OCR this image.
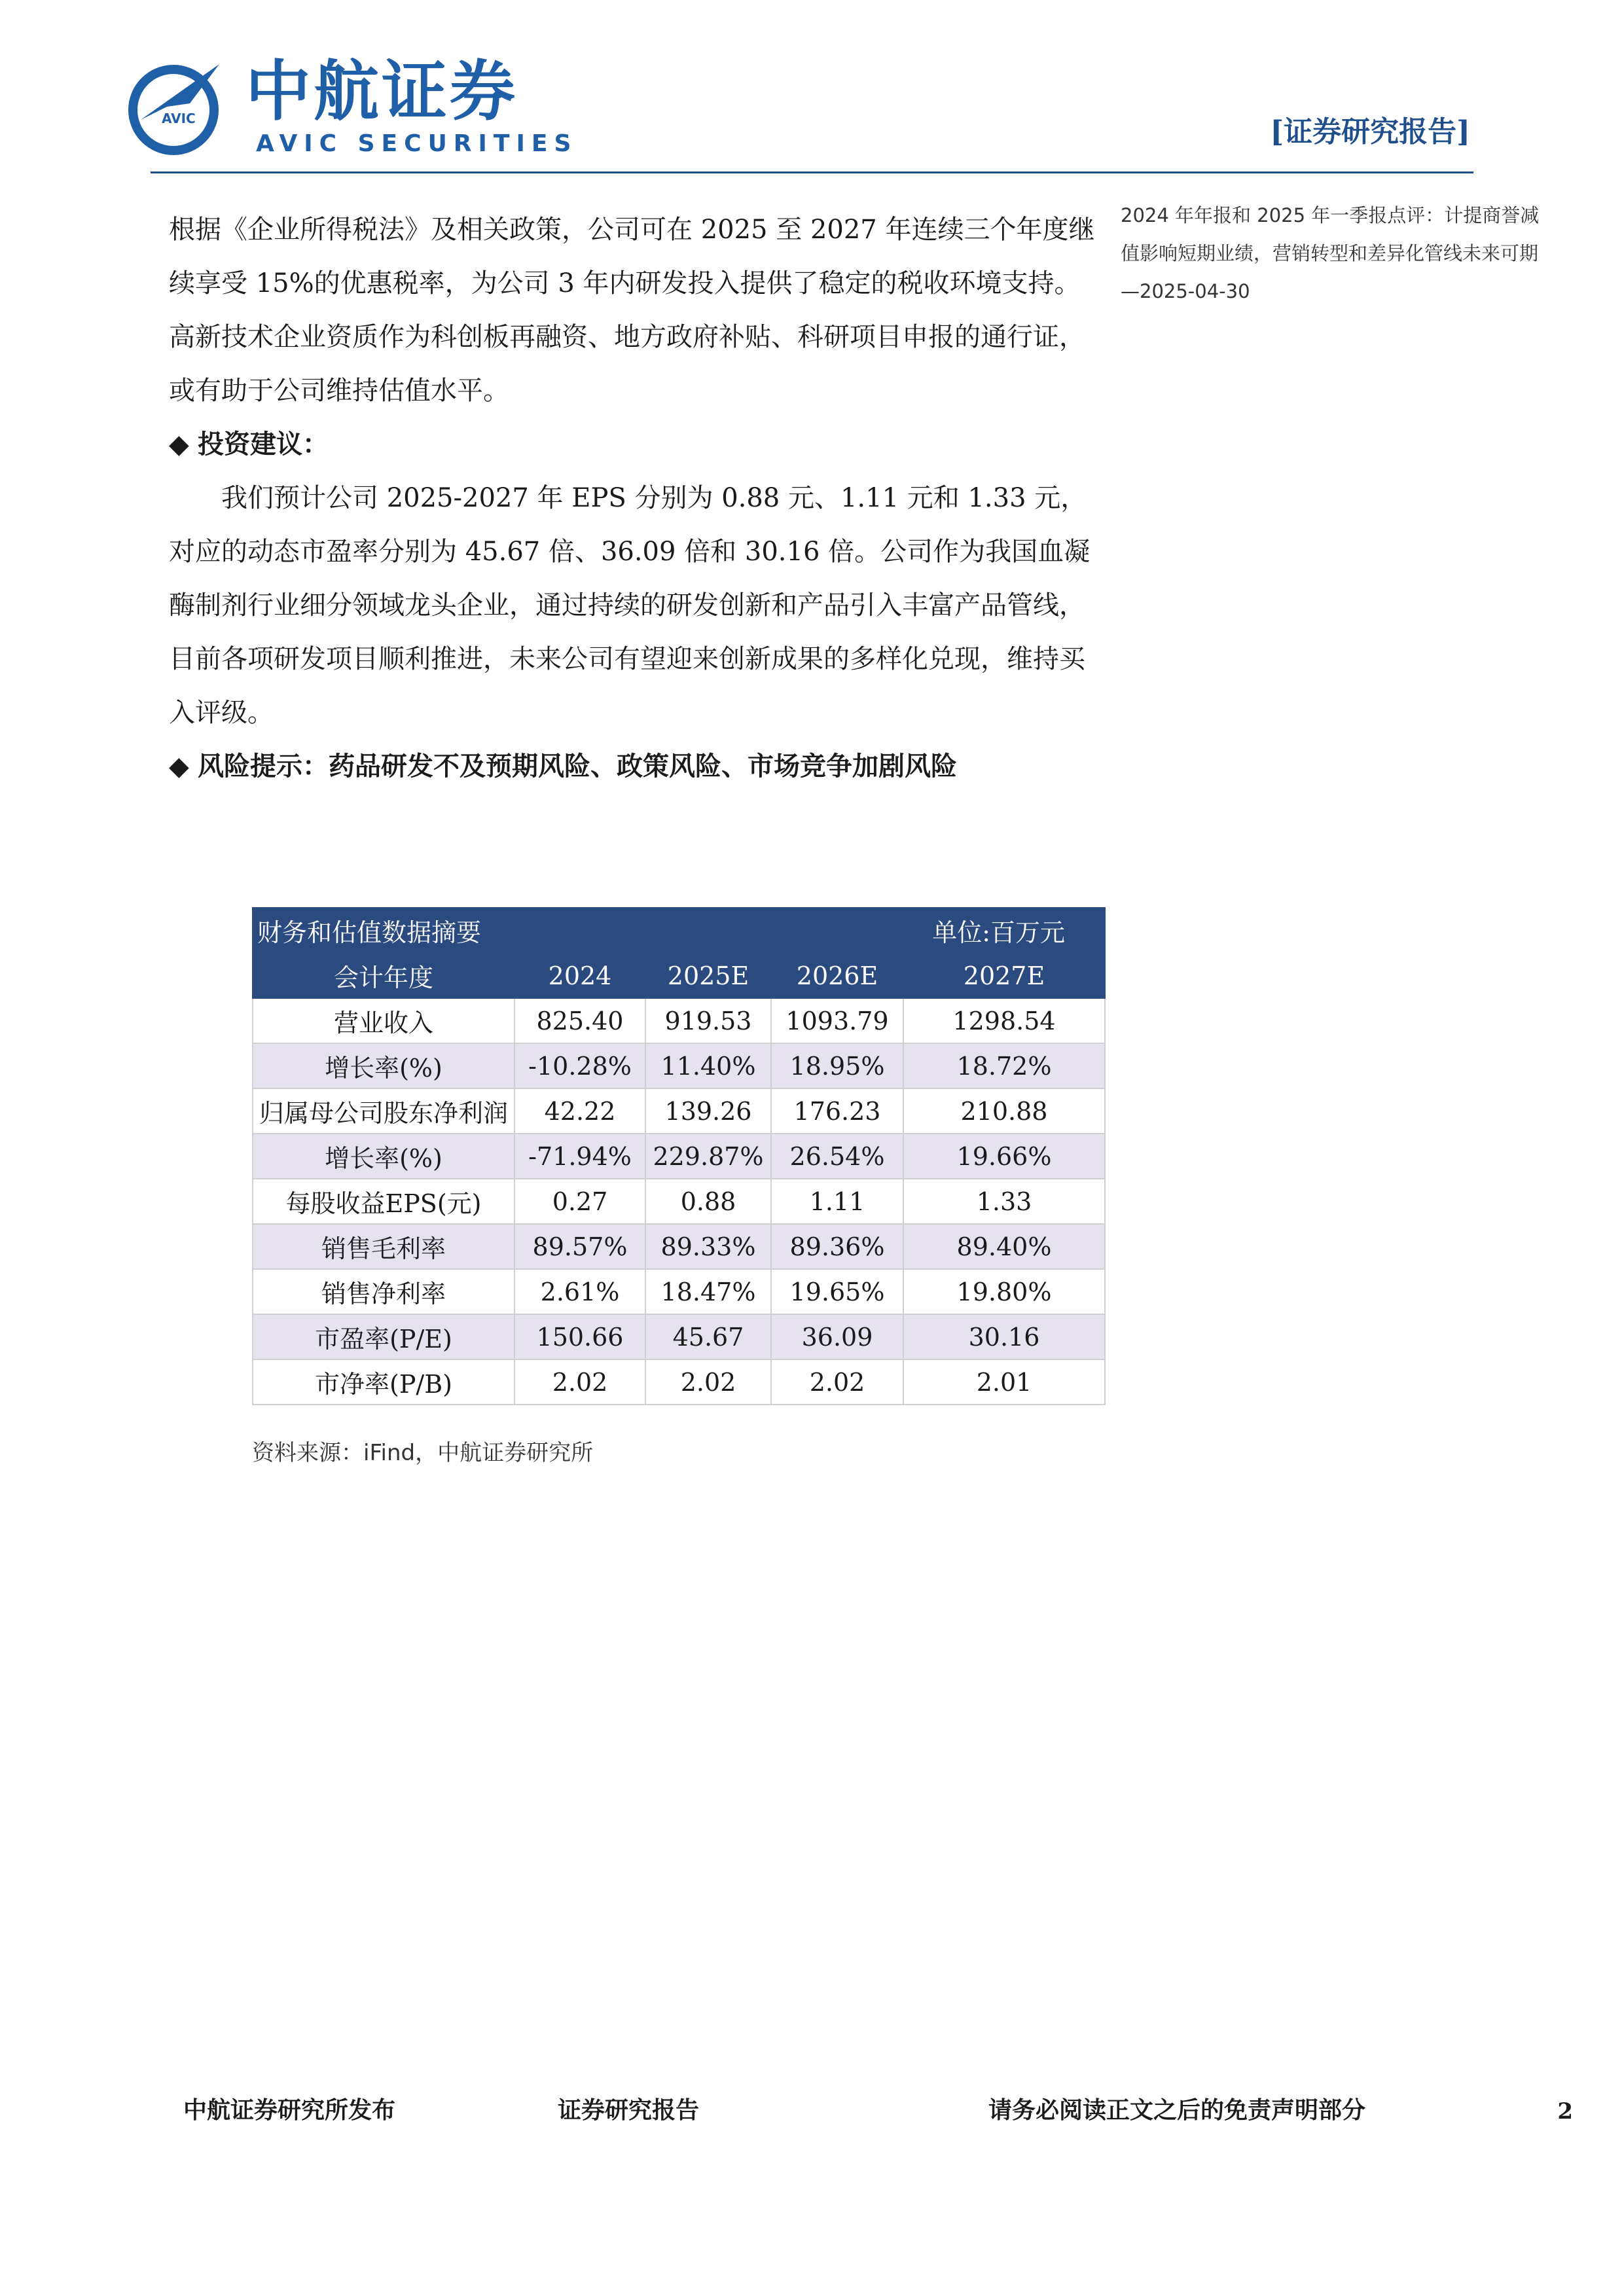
AVIC 中航证券
AVIC SECURITIES	[证券研究报告]
2024 年年报和 2025 年一季报点评：计提商誉减值影响短期业绩，营销转型和差异化管线未来可期 —2025-04-30

根据《企业所得税法》及相关政策，公司可在 2025 至 2027 年连续三个年度继续享受 15%的优惠税率，为公司 3 年内研发投入提供了稳定的税收环境支持。高新技术企业资质作为科创板再融资、地方政府补贴、科研项目申报的通行证，或有助于公司维持估值水平。

◆ 投资建议：

我们预计公司 2025-2027 年 EPS 分别为 0.88 元、1.11 元和 1.33 元，对应的动态市盈率分别为 45.67 倍、36.09 倍和 30.16 倍。公司作为我国血凝酶制剂行业细分领域龙头企业，通过持续的研发创新和产品引入丰富产品管线，目前各项研发项目顺利推进，未来公司有望迎来创新成果的多样化兑现，维持买入评级。

◆ 风险提示：药品研发不及预期风险、政策风险、市场竞争加剧风险
财务和估值数据摘要			单位:百万元	
会计年度	2024	2025E	2026E	2027E
营业收入	825.40	919.53	1093.79	1298.54
增长率(%)	-10.28%	11.40%	18.95%	18.72%
归属母公司股东净利润	42.22	139.26	176.23	210.88
增长率(%)	-71.94%	229.87%	26.54%	19.66%
每股收益EPS(元)	0.27	0.88	1.11	1.33
销售毛利率	89.57%	89.33%	89.36%	89.40%
销售净利率	2.61%	18.47%	19.65%	19.80%
市盈率(P/E)	150.66	45.67	36.09	30.16
市净率(P/B)	2.02	2.02	2.02	2.01
资料来源：iFind，中航证券研究所
中航证券研究所发布	证券研究报告	请务必阅读正文之后的免责声明部分	2
